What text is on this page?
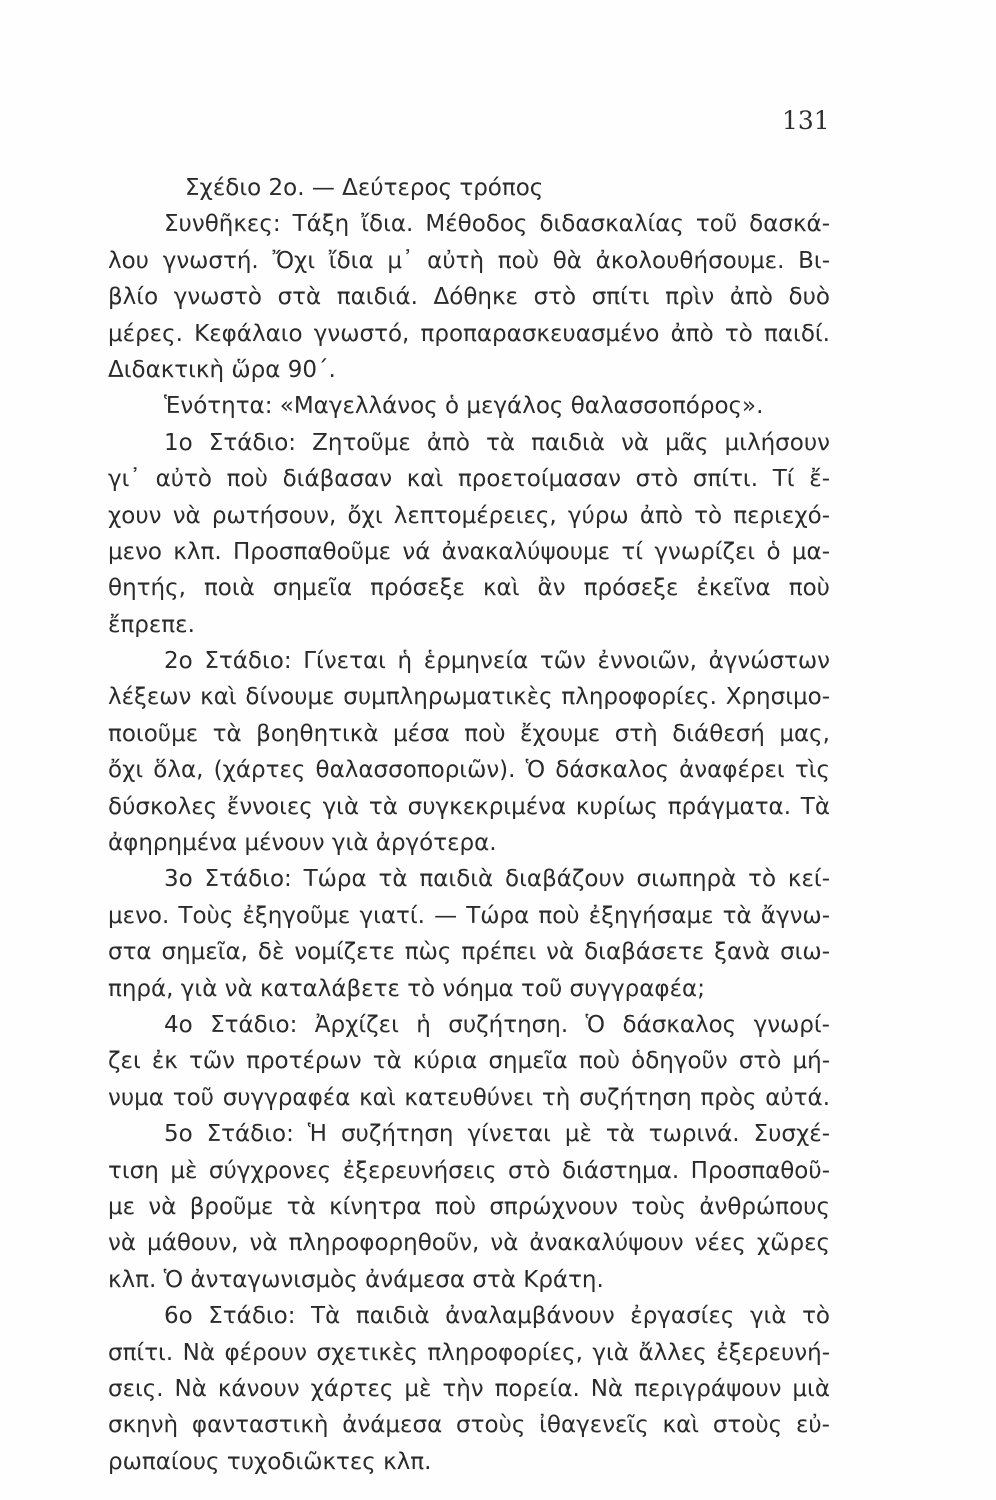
131
Σχέδιο 2ο. — Δεύτερος τρόπος
Συνθῆκες: Τάξη ἴδια. Μέθοδος διδασκαλίας τοῦ δασκά-
λου γνωστή. Ὄχι ἴδια μ᾽ αὐτὴ ποὺ θὰ ἀκολουθήσουμε. Βι-
βλίο γνωστὸ στὰ παιδιά. Δόθηκε στὸ σπίτι πρὶν ἀπὸ δυὸ
μέρες. Κεφάλαιο γνωστό, προπαρασκευασμένο ἀπὸ τὸ παιδί.
Διδακτικὴ ὥρα 90΄.
Ἑνότητα: «Μαγελλάνος ὁ μεγάλος θαλασσοπόρος».
1ο Στάδιο: Ζητοῦμε ἀπὸ τὰ παιδιὰ νὰ μᾶς μιλήσουν
γι᾽ αὐτὸ ποὺ διάβασαν καὶ προετοίμασαν στὸ σπίτι. Τί ἔ-
χουν νὰ ρωτήσουν, ὄχι λεπτομέρειες, γύρω ἀπὸ τὸ περιεχό-
μενο κλπ. Προσπαθοῦμε νά ἀνακαλύψουμε τί γνωρίζει ὁ μα-
θητής, ποιὰ σημεῖα πρόσεξε καὶ ἂν πρόσεξε ἐκεῖνα ποὺ
ἔπρεπε.
2ο Στάδιο: Γίνεται ἡ ἑρμηνεία τῶν ἐννοιῶν, ἀγνώστων
λέξεων καὶ δίνουμε συμπληρωματικὲς πληροφορίες. Χρησιμο-
ποιοῦμε τὰ βοηθητικὰ μέσα ποὺ ἔχουμε στὴ διάθεσή μας,
ὄχι ὅλα, (χάρτες θαλασσοποριῶν). Ὁ δάσκαλος ἀναφέρει τὶς
δύσκολες ἔννοιες γιὰ τὰ συγκεκριμένα κυρίως πράγματα. Τὰ
ἀφηρημένα μένουν γιὰ ἀργότερα.
3ο Στάδιο: Τώρα τὰ παιδιὰ διαβάζουν σιωπηρὰ τὸ κεί-
μενο. Τοὺς ἐξηγοῦμε γιατί. — Τώρα ποὺ ἐξηγήσαμε τὰ ἄγνω-
στα σημεῖα, δὲ νομίζετε πὼς πρέπει νὰ διαβάσετε ξανὰ σιω-
πηρά, γιὰ νὰ καταλάβετε τὸ νόημα τοῦ συγγραφέα;
4ο Στάδιο: Ἀρχίζει ἡ συζήτηση. Ὁ δάσκαλος γνωρί-
ζει ἐκ τῶν προτέρων τὰ κύρια σημεῖα ποὺ ὁδηγοῦν στὸ μή-
νυμα τοῦ συγγραφέα καὶ κατευθύνει τὴ συζήτηση πρὸς αὐτά.
5ο Στάδιο: Ἡ συζήτηση γίνεται μὲ τὰ τωρινά. Συσχέ-
τιση μὲ σύγχρονες ἐξερευνήσεις στὸ διάστημα. Προσπαθοῦ-
με νὰ βροῦμε τὰ κίνητρα ποὺ σπρώχνουν τοὺς ἀνθρώπους
νὰ μάθουν, νὰ πληροφορηθοῦν, νὰ ἀνακαλύψουν νέες χῶρες
κλπ. Ὁ ἀνταγωνισμὸς ἀνάμεσα στὰ Κράτη.
6ο Στάδιο: Τὰ παιδιὰ ἀναλαμβάνουν ἐργασίες γιὰ τὸ
σπίτι. Νὰ φέρουν σχετικὲς πληροφορίες, γιὰ ἄλλες ἐξερευνή-
σεις. Νὰ κάνουν χάρτες μὲ τὴν πορεία. Νὰ περιγράψουν μιὰ
σκηνὴ φανταστικὴ ἀνάμεσα στοὺς ἰθαγενεῖς καὶ στοὺς εὐ-
ρωπαίους τυχοδιῶκτες κλπ.
